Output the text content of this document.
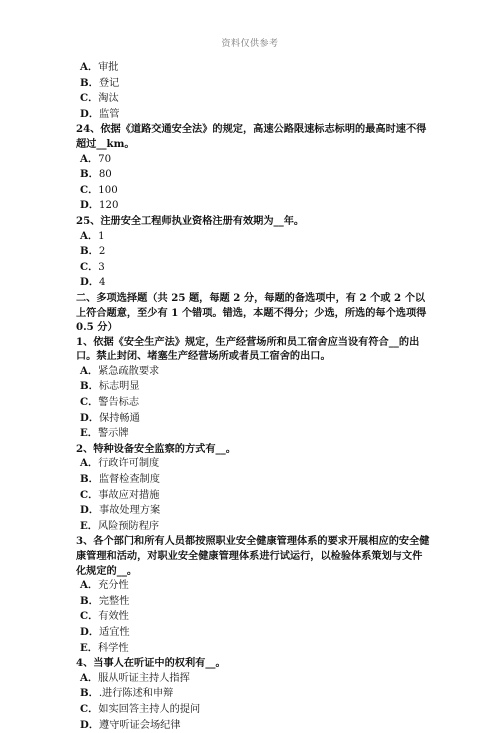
资料仅供参考
A．审批
B．登记
C．淘汰
D．监管
24、依据《道路交通安全法》的规定，高速公路限速标志标明的最高时速不得超过__km。
A．70
B．80
C．100
D．120
25、注册安全工程师执业资格注册有效期为__年。
A．1
B．2
C．3
D．4
二、多项选择题（共 25 题，每题 2 分，每题的备选项中，有 2 个或 2 个以上符合题意，至少有 1 个错项。错选，本题不得分；少选，所选的每个选项得 0.5 分）
1、依据《安全生产法》规定，生产经营场所和员工宿舍应当设有符合__的出口。禁止封闭、堵塞生产经营场所或者员工宿舍的出口。
A．紧急疏散要求
B．标志明显
C．警告标志
D．保持畅通
E．警示牌
2、特种设备安全监察的方式有__。
A．行政许可制度
B．监督检查制度
C．事故应对措施
D．事故处理方案
E．风险预防程序
3、各个部门和所有人员都按照职业安全健康管理体系的要求开展相应的安全健康管理和活动，对职业安全健康管理体系进行试运行，以检验体系策划与文件化规定的__。
A．充分性
B．完整性
C．有效性
D．适宜性
E．科学性
4、当事人在听证中的权利有__。
A．服从听证主持人指挥
B．.进行陈述和申辩
C．如实回答主持人的提问
D．遵守听证会场纪律
